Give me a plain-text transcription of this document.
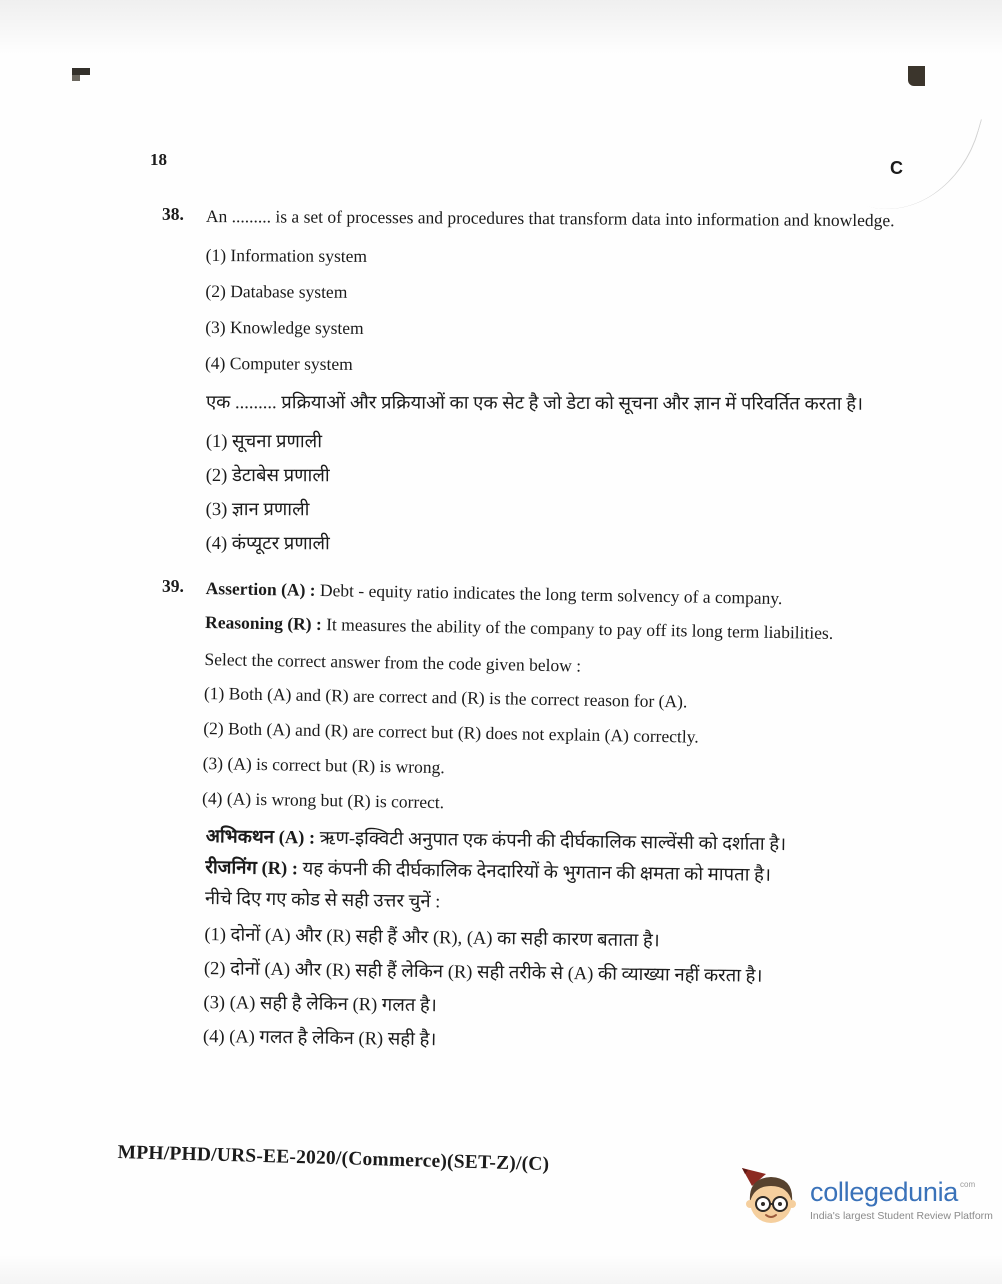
18	C
38.	An ......... is a set of processes and procedures that transform data into information and knowledge.

(1) Information system
(2) Database system
(3) Knowledge system
(4) Computer system

एक ......... प्रक्रियाओं और प्रक्रियाओं का एक सेट है जो डेटा को सूचना और ज्ञान में परिवर्तित करता है।

(1) सूचना प्रणाली
(2) डेटाबेस प्रणाली
(3) ज्ञान प्रणाली
(4) कंप्यूटर प्रणाली
39.	Assertion (A) : Debt - equity ratio indicates the long term solvency of a company.

Reasoning (R) : It measures the ability of the company to pay off its long term liabilities.

Select the correct answer from the code given below :

(1) Both (A) and (R) are correct and (R) is the correct reason for (A).
(2) Both (A) and (R) are correct but (R) does not explain (A) correctly.
(3) (A) is correct but (R) is wrong.
(4) (A) is wrong but (R) is correct.

अभिकथन (A) : ऋण-इक्विटी अनुपात एक कंपनी की दीर्घकालिक साल्वेंसी को दर्शाता है।

रीजनिंग (R) : यह कंपनी की दीर्घकालिक देनदारियों के भुगतान की क्षमता को मापता है।

नीचे दिए गए कोड से सही उत्तर चुनें :

(1) दोनों (A) और (R) सही हैं और (R), (A) का सही कारण बताता है।
(2) दोनों (A) और (R) सही हैं लेकिन (R) सही तरीके से (A) की व्याख्या नहीं करता है।
(3) (A) सही है लेकिन (R) गलत है।
(4) (A) गलत है लेकिन (R) सही है।
MPH/PHD/URS-EE-2020/(Commerce)(SET-Z)/(C)
collegedunia com
India's largest Student Review Platform
